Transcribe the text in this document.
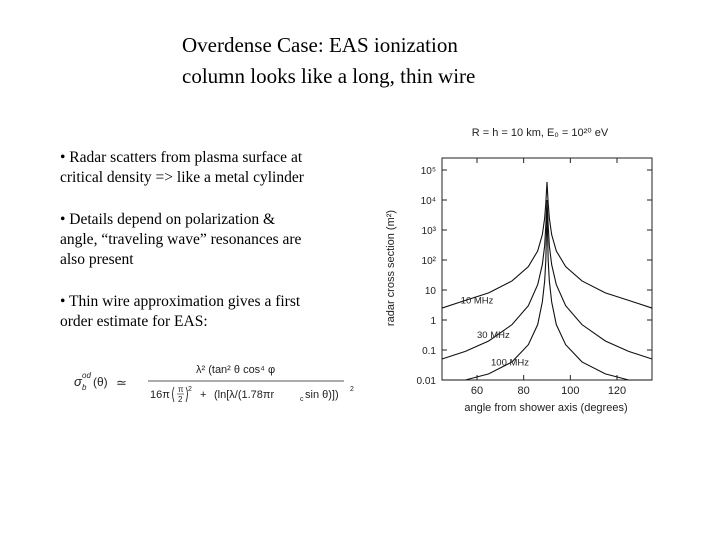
Overdense Case: EAS ionization
column looks like a long, thin wire
• Radar scatters from plasma surface at
critical density => like a metal cylinder
• Details depend on polarization &
angle, “traveling wave” resonances are
also present
• Thin wire approximation gives a first
order estimate for EAS:
σ od
b (θ) ≃
λ² (tan² θ cos⁴ φ
16π π
2
2 + (ln[λ/(1.78πr	c sin θ)]) 2
R = h = 10 km, E₀ = 10²⁰ eV
0.01
0.1
1
10
10²
10³
10⁴
10⁵
60	80	100	120
10 MHz
30 MHz
100 MHz
angle from shower axis (degrees)
radar cross section (m²)
